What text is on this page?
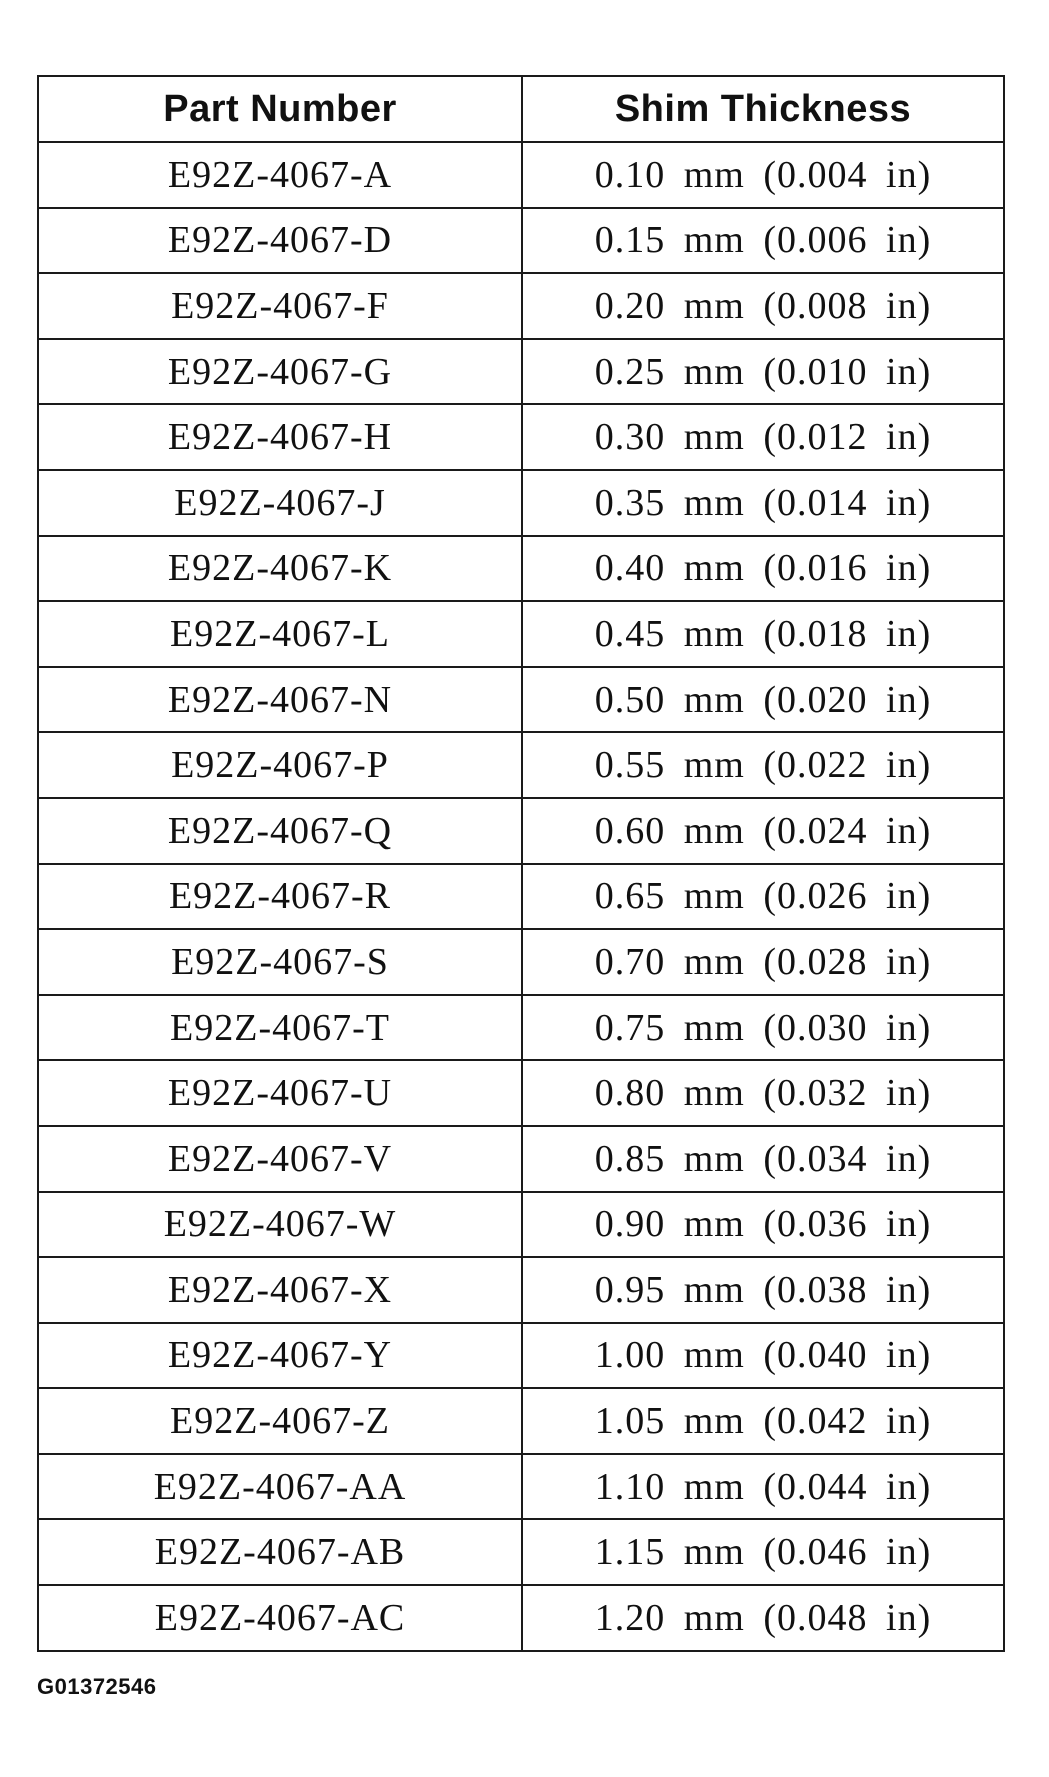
Part Number	Shim Thickness
E92Z-4067-A	0.10 mm (0.004 in)
E92Z-4067-D	0.15 mm (0.006 in)
E92Z-4067-F	0.20 mm (0.008 in)
E92Z-4067-G	0.25 mm (0.010 in)
E92Z-4067-H	0.30 mm (0.012 in)
E92Z-4067-J	0.35 mm (0.014 in)
E92Z-4067-K	0.40 mm (0.016 in)
E92Z-4067-L	0.45 mm (0.018 in)
E92Z-4067-N	0.50 mm (0.020 in)
E92Z-4067-P	0.55 mm (0.022 in)
E92Z-4067-Q	0.60 mm (0.024 in)
E92Z-4067-R	0.65 mm (0.026 in)
E92Z-4067-S	0.70 mm (0.028 in)
E92Z-4067-T	0.75 mm (0.030 in)
E92Z-4067-U	0.80 mm (0.032 in)
E92Z-4067-V	0.85 mm (0.034 in)
E92Z-4067-W	0.90 mm (0.036 in)
E92Z-4067-X	0.95 mm (0.038 in)
E92Z-4067-Y	1.00 mm (0.040 in)
E92Z-4067-Z	1.05 mm (0.042 in)
E92Z-4067-AA	1.10 mm (0.044 in)
E92Z-4067-AB	1.15 mm (0.046 in)
E92Z-4067-AC	1.20 mm (0.048 in)
G01372546
